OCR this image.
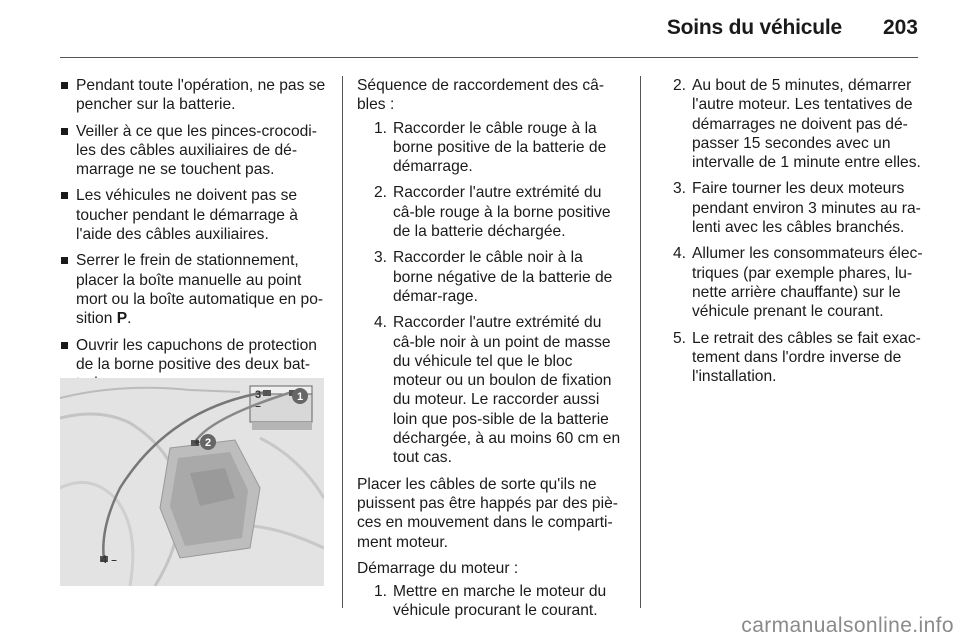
Soins du véhicule 203
Pendant toute l'opération, ne pas se pencher sur la batterie.
Veiller à ce que les pinces-crocodi-les des câbles auxiliaires de dé-marrage ne se touchent pas.
Les véhicules ne doivent pas se toucher pendant le démarrage à l'aide des câbles auxiliaires.
Serrer le frein de stationnement, placer la boîte manuelle au point mort ou la boîte automatique en po-sition P.
Ouvrir les capuchons de protection de la borne positive des deux bat-
1
2
+
3
–
4 –
Séquence de raccordement des câ-bles :
1. Raccorder le câble rouge à la borne positive de la batterie de démarrage.
2. Raccorder l'autre extrémité du câ-ble rouge à la borne positive de la batterie déchargée.
3. Raccorder le câble noir à la borne négative de la batterie de démar-rage.
4. Raccorder l'autre extrémité du câ-ble noir à un point de masse du véhicule tel que le bloc moteur ou un boulon de fixation du moteur. Le raccorder aussi loin que pos-sible de la batterie déchargée, à au moins 60 cm en tout cas.
Placer les câbles de sorte qu'ils ne puissent pas être happés par des piè-ces en mouvement dans le comparti-ment moteur.
Démarrage du moteur :
1. Mettre en marche le moteur du véhicule procurant le courant.
2. Au bout de 5 minutes, démarrer l'autre moteur. Les tentatives de démarrages ne doivent pas dé-passer 15 secondes avec un intervalle de 1 minute entre elles.
3. Faire tourner les deux moteurs pendant environ 3 minutes au ra-lenti avec les câbles branchés.
4. Allumer les consommateurs élec-triques (par exemple phares, lu-nette arrière chauffante) sur le véhicule prenant le courant.
5. Le retrait des câbles se fait exac-tement dans l'ordre inverse de l'installation.
carmanualsonline.info
